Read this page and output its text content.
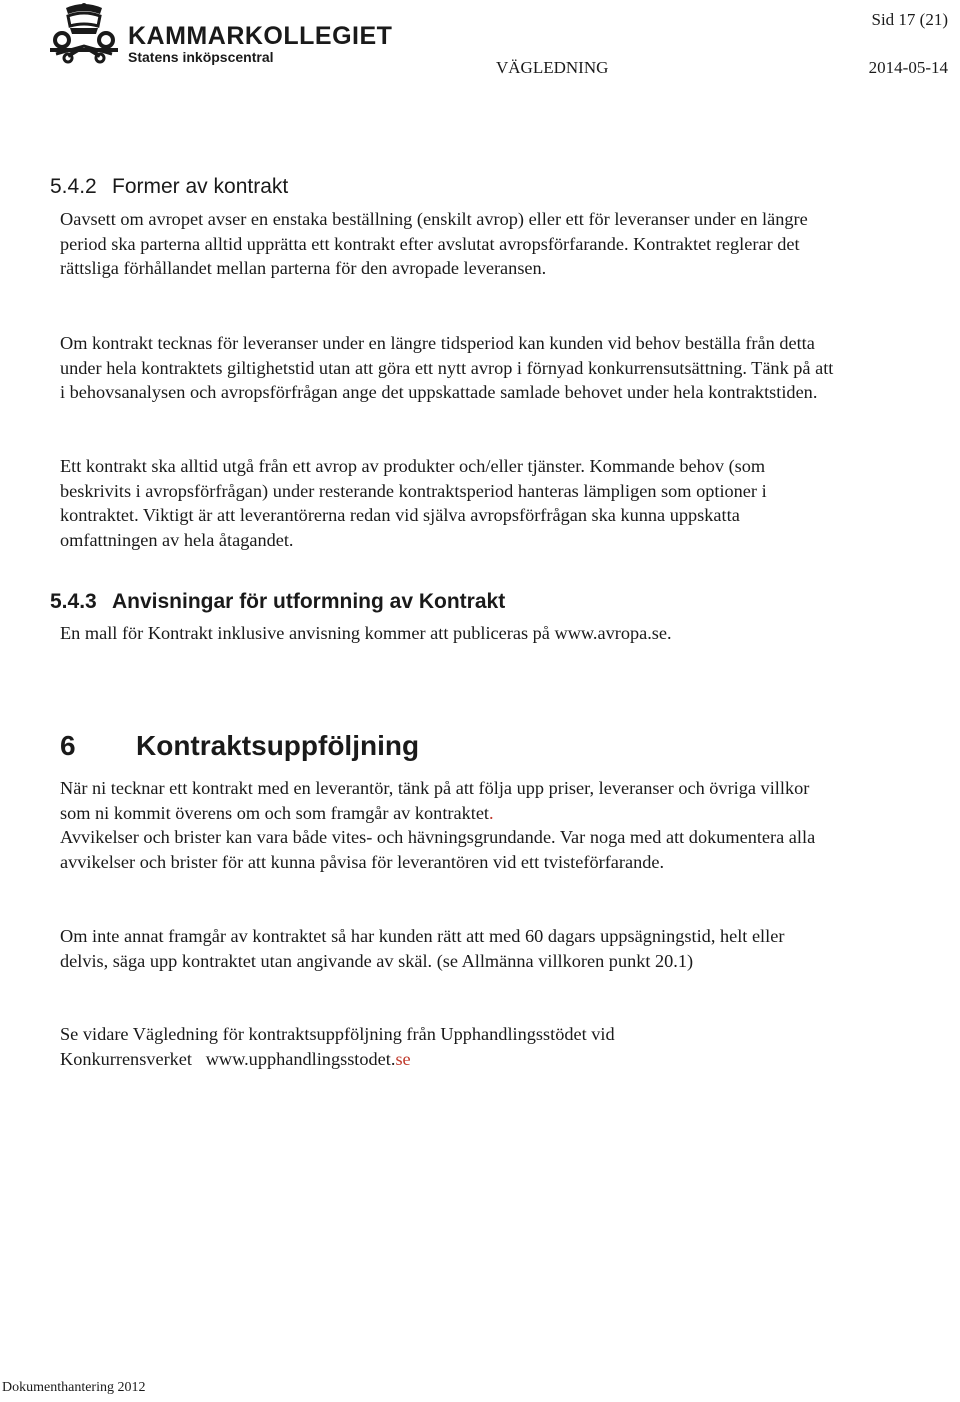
KAMMARKOLLEGIET
Statens inköpscentral
Sid 17 (21)
VÄGLEDNING	2014-05-14
5.4.2 Former av kontrakt
Oavsett om avropet avser en enstaka beställning (enskilt avrop) eller ett för leveranser under en längre period ska parterna alltid upprätta ett kontrakt efter avslutat avropsförfarande. Kontraktet reglerar det rättsliga förhållandet mellan parterna för den avropade leveransen.
Om kontrakt tecknas för leveranser under en längre tidsperiod kan kunden vid behov beställa från detta under hela kontraktets giltighetstid utan att göra ett nytt avrop i förnyad konkurrensutsättning. Tänk på att i behovsanalysen och avropsförfrågan ange det uppskattade samlade behovet under hela kontraktstiden.
Ett kontrakt ska alltid utgå från ett avrop av produkter och/eller tjänster. Kommande behov (som beskrivits i avropsförfrågan) under resterande kontraktsperiod hanteras lämpligen som optioner i kontraktet. Viktigt är att leverantörerna redan vid själva avropsförfrågan ska kunna uppskatta omfattningen av hela åtagandet.
5.4.3 Anvisningar för utformning av Kontrakt
En mall för Kontrakt inklusive anvisning kommer att publiceras på www.avropa.se.
6 Kontraktsuppföljning
När ni tecknar ett kontrakt med en leverantör, tänk på att följa upp priser, leveranser och övriga villkor som ni kommit överens om och som framgår av kontraktet.
Avvikelser och brister kan vara både vites- och hävningsgrundande. Var noga med att dokumentera alla avvikelser och brister för att kunna påvisa för leverantören vid ett tvisteförfarande.
Om inte annat framgår av kontraktet så har kunden rätt att med 60 dagars uppsägningstid, helt eller delvis, säga upp kontraktet utan angivande av skäl. (se Allmänna villkoren punkt 20.1)
Se vidare Vägledning för kontraktsuppföljning från Upphandlingsstödet vid
Konkurrensverket   www.upphandlingsstodet.se
Dokumenthantering 2012
